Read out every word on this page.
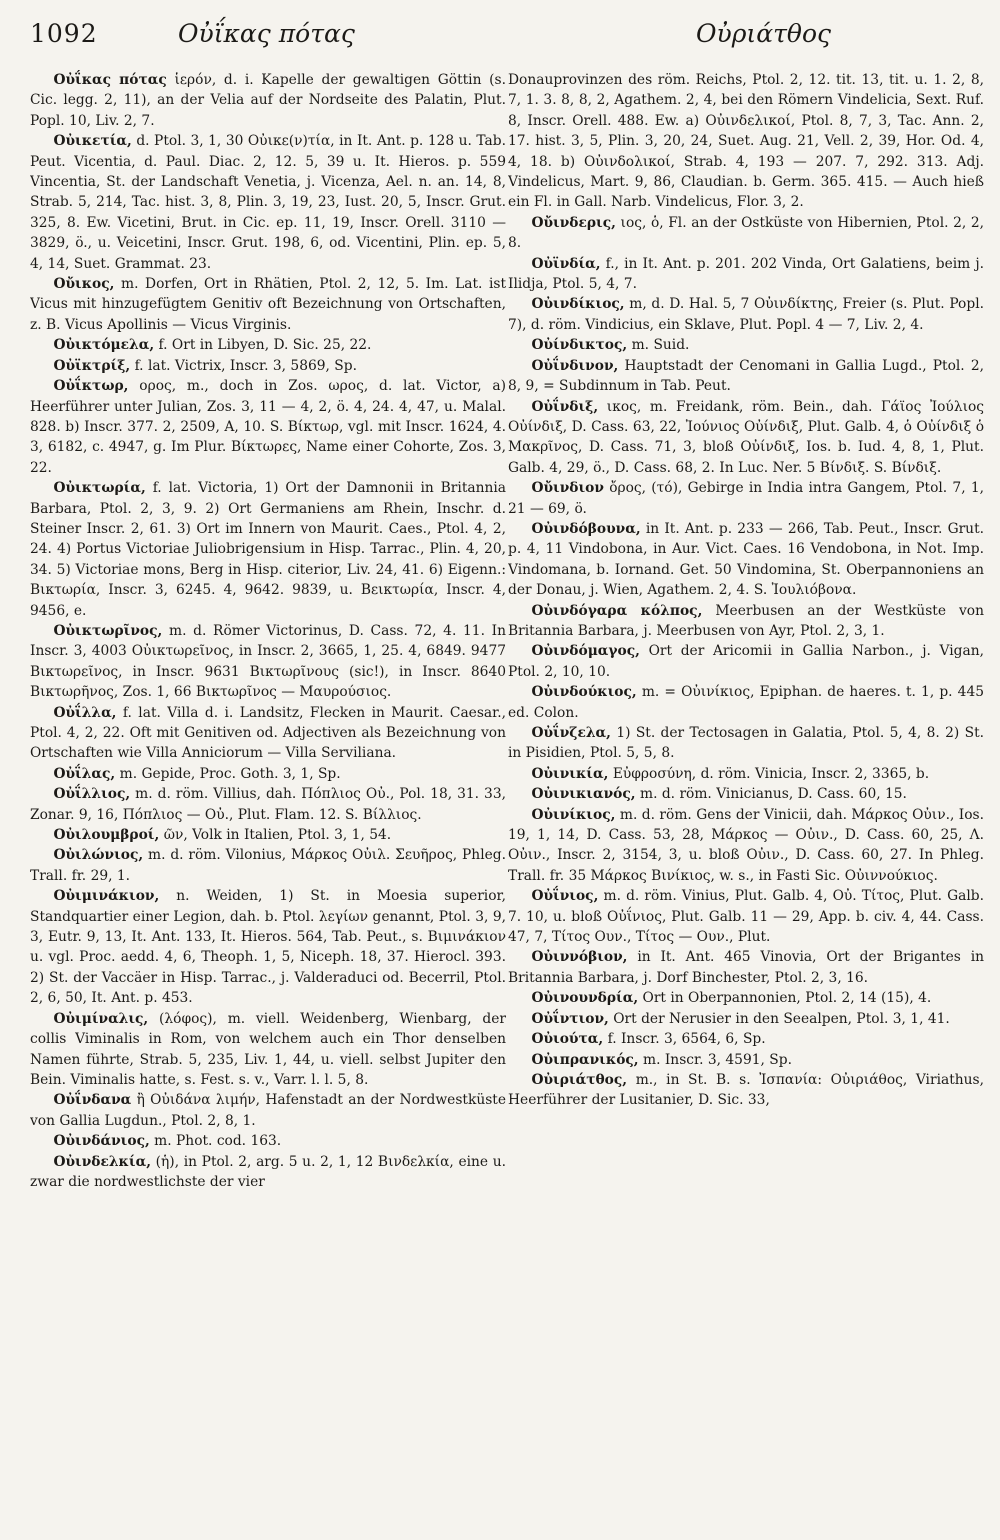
1092	Οὐΐκας πότας	Οὐριάτθος

Οὐΐκας πότας ἱερόν, d. i. Kapelle der gewaltigen Göttin (s. Cic. legg. 2, 11), an der Velia auf der Nordseite des Palatin, Plut. Popl. 10, Liv. 2, 7.

Οὐικετία, d. Ptol. 3, 1, 30 Οὐικε(ν)τία, in It. Ant. p. 128 u. Tab. Peut. Vicentia, d. Paul. Diac. 2, 12. 5, 39 u. It. Hieros. p. 559 Vincentia, St. der Landschaft Venetia, j. Vicenza, Ael. n. an. 14, 8, Strab. 5, 214, Tac. hist. 3, 8, Plin. 3, 19, 23, Iust. 20, 5, Inscr. Grut. 325, 8. Ew. Vicetini, Brut. in Cic. ep. 11, 19, Inscr. Orell. 3110 — 3829, ö., u. Veicetini, Inscr. Grut. 198, 6, od. Vicentini, Plin. ep. 5, 4, 14, Suet. Grammat. 23.

Οὔικος, m. Dorfen, Ort in Rhätien, Ptol. 2, 12, 5. Im. Lat. ist Vicus mit hinzugefügtem Genitiv oft Bezeichnung von Ortschaften, z. B. Vicus Apollinis — Vicus Virginis.

Οὐικτόμελα, f. Ort in Libyen, D. Sic. 25, 22.

Οὐϊκτρίξ, f. lat. Victrix, Inscr. 3, 5869, Sp.

Οὐΐκτωρ, ορος, m., doch in Zos. ωρος, d. lat. Victor, a) Heerführer unter Julian, Zos. 3, 11 — 4, 2, ö. 4, 24. 4, 47, u. Malal. 828. b) Inscr. 377. 2, 2509, A, 10. S. Βίκτωρ, vgl. mit Inscr. 1624, 4. 3, 6182, c. 4947, g. Im Plur. Βίκτωρες, Name einer Cohorte, Zos. 3, 22.

Οὐικτωρία, f. lat. Victoria, 1) Ort der Damnonii in Britannia Barbara, Ptol. 2, 3, 9. 2) Ort Germaniens am Rhein, Inschr. d. Steiner Inscr. 2, 61. 3) Ort im Innern von Maurit. Caes., Ptol. 4, 2, 24. 4) Portus Victoriae Juliobrigensium in Hisp. Tarrac., Plin. 4, 20, 34. 5) Victoriae mons, Berg in Hisp. citerior, Liv. 24, 41. 6) Eigenn.: Βικτωρία, Inscr. 3, 6245. 4, 9642. 9839, u. Βεικτωρία, Inscr. 4, 9456, e.

Οὐικτωρῖνος, m. d. Römer Victorinus, D. Cass. 72, 4. 11. In Inscr. 3, 4003 Οὐικτωρεῖνος, in Inscr. 2, 3665, 1, 25. 4, 6849. 9477 Βικτωρεῖνος, in Inscr. 9631 Βικτωρῖνους (sic!), in Inscr. 8640 Βικτωρῆνος, Zos. 1, 66 Βικτωρῖνος — Μαυρούσιος.

Οὐΐλλα, f. lat. Villa d. i. Landsitz, Flecken in Maurit. Caesar., Ptol. 4, 2, 22. Oft mit Genitiven od. Adjectiven als Bezeichnung von Ortschaften wie Villa Anniciorum — Villa Serviliana.

Οὐΐλας, m. Gepide, Proc. Goth. 3, 1, Sp.

Οὐΐλλιος, m. d. röm. Villius, dah. Πόπλιος Οὐ., Pol. 18, 31. 33, Zonar. 9, 16, Πόπλιος — Οὐ., Plut. Flam. 12. S. Βίλλιος.

Οὐιλουμβροί, ῶν, Volk in Italien, Ptol. 3, 1, 54.

Οὐιλώνιος, m. d. röm. Vilonius, Μάρκος Οὐιλ. Σευῆρος, Phleg. Trall. fr. 29, 1.

Οὐιμινάκιον, n. Weiden, 1) St. in Moesia superior, Standquartier einer Legion, dah. b. Ptol. λεγίων genannt, Ptol. 3, 9, 3, Eutr. 9, 13, It. Ant. 133, It. Hieros. 564, Tab. Peut., s. Βιμινάκιον u. vgl. Proc. aedd. 4, 6, Theoph. 1, 5, Niceph. 18, 37. Hierocl. 393. 2) St. der Vaccäer in Hisp. Tarrac., j. Valderaduci od. Becerril, Ptol. 2, 6, 50, It. Ant. p. 453.

Οὐιμίναλις, (λόφος), m. viell. Weidenberg, Wienbarg, der collis Viminalis in Rom, von welchem auch ein Thor denselben Namen führte, Strab. 5, 235, Liv. 1, 44, u. viell. selbst Jupiter den Bein. Viminalis hatte, s. Fest. s. v., Varr. l. l. 5, 8.

Οὐΐνδανα ἢ Οὐιδάνα λιμήν, Hafenstadt an der Nordwestküste von Gallia Lugdun., Ptol. 2, 8, 1.

Οὐινδάνιος, m. Phot. cod. 163.

Οὐινδελκία, (ἡ), in Ptol. 2, arg. 5 u. 2, 1, 12 Βινδελκία, eine u. zwar die nordwestlichste der vier

Donauprovinzen des röm. Reichs, Ptol. 2, 12. tit. 13, tit. u. 1. 2, 8, 7, 1. 3. 8, 8, 2, Agathem. 2, 4, bei den Römern Vindelicia, Sext. Ruf. 8, Inscr. Orell. 488. Ew. a) Οὐινδελικοί, Ptol. 8, 7, 3, Tac. Ann. 2, 17. hist. 3, 5, Plin. 3, 20, 24, Suet. Aug. 21, Vell. 2, 39, Hor. Od. 4, 4, 18. b) Οὐινδολικοί, Strab. 4, 193 — 207. 7, 292. 313. Adj. Vindelicus, Mart. 9, 86, Claudian. b. Germ. 365. 415. — Auch hieß ein Fl. in Gall. Narb. Vindelicus, Flor. 3, 2.

Οὔινδερις, ιος, ὁ, Fl. an der Ostküste von Hibernien, Ptol. 2, 2, 8.

Οὐϊνδία, f., in It. Ant. p. 201. 202 Vinda, Ort Galatiens, beim j. Ilidja, Ptol. 5, 4, 7.

Οὐινδίκιος, m, d. D. Hal. 5, 7 Οὐινδίκτης, Freier (s. Plut. Popl. 7), d. röm. Vindicius, ein Sklave, Plut. Popl. 4 — 7, Liv. 2, 4.

Οὐίνδικτος, m. Suid.

Οὐΐνδινον, Hauptstadt der Cenomani in Gallia Lugd., Ptol. 2, 8, 9, = Subdinnum in Tab. Peut.

Οὐΐνδιξ, ικος, m. Freidank, röm. Bein., dah. Γάϊος Ἰούλιος Οὐίνδιξ, D. Cass. 63, 22, Ἰούνιος Οὐίνδιξ, Plut. Galb. 4, ὁ Οὐίνδιξ ὁ Μακρῖνος, D. Cass. 71, 3, bloß Οὐίνδιξ, Ios. b. Iud. 4, 8, 1, Plut. Galb. 4, 29, ö., D. Cass. 68, 2. In Luc. Ner. 5 Βίνδιξ. S. Βίνδιξ.

Οὔινδιον ὄρος, (τό), Gebirge in India intra Gangem, Ptol. 7, 1, 21 — 69, ö.

Οὐινδόβουνα, in It. Ant. p. 233 — 266, Tab. Peut., Inscr. Grut. p. 4, 11 Vindobona, in Aur. Vict. Caes. 16 Vendobona, in Not. Imp. Vindomana, b. Iornand. Get. 50 Vindomina, St. Oberpannoniens an der Donau, j. Wien, Agathem. 2, 4. S. Ἰουλιόβονα.

Οὐινδόγαρα κόλπος, Meerbusen an der Westküste von Britannia Barbara, j. Meerbusen von Ayr, Ptol. 2, 3, 1.

Οὐινδόμαγος, Ort der Aricomii in Gallia Narbon., j. Vigan, Ptol. 2, 10, 10.

Οὐινδούκιος, m. = Οὐινίκιος, Epiphan. de haeres. t. 1, p. 445 ed. Colon.

Οὐΐνζελα, 1) St. der Tectosagen in Galatia, Ptol. 5, 4, 8. 2) St. in Pisidien, Ptol. 5, 5, 8.

Οὐινικία, Εὐφροσύνη, d. röm. Vinicia, Inscr. 2, 3365, b.

Οὐινικιανός, m. d. röm. Vinicianus, D. Cass. 60, 15.

Οὐινίκιος, m. d. röm. Gens der Vinicii, dah. Μάρκος Οὐιν., Ios. 19, 1, 14, D. Cass. 53, 28, Μάρκος — Οὐιν., D. Cass. 60, 25, Λ. Οὐιν., Inscr. 2, 3154, 3, u. bloß Οὐιν., D. Cass. 60, 27. In Phleg. Trall. fr. 35 Μάρκος Βινίκιος, w. s., in Fasti Sic. Οὐιννούκιος.

Οὐΐνιος, m. d. röm. Vinius, Plut. Galb. 4, Οὐ. Τίτος, Plut. Galb. 7. 10, u. bloß Οὐΐνιος, Plut. Galb. 11 — 29, App. b. civ. 4, 44. Cass. 47, 7, Τίτος Ουν., Τίτος — Ουν., Plut.

Οὐιννόβιον, in It. Ant. 465 Vinovia, Ort der Brigantes in Britannia Barbara, j. Dorf Binchester, Ptol. 2, 3, 16.

Οὐινουνδρία, Ort in Oberpannonien, Ptol. 2, 14 (15), 4.

Οὐΐντιον, Ort der Nerusier in den Seealpen, Ptol. 3, 1, 41.

Οὐιούτα, f. Inscr. 3, 6564, 6, Sp.

Οὐιπρανικός, m. Inscr. 3, 4591, Sp.

Οὐιριάτθος, m., in St. B. s. Ἰσπανία: Οὐιριάθος, Viriathus, Heerführer der Lusitanier, D. Sic. 33,
